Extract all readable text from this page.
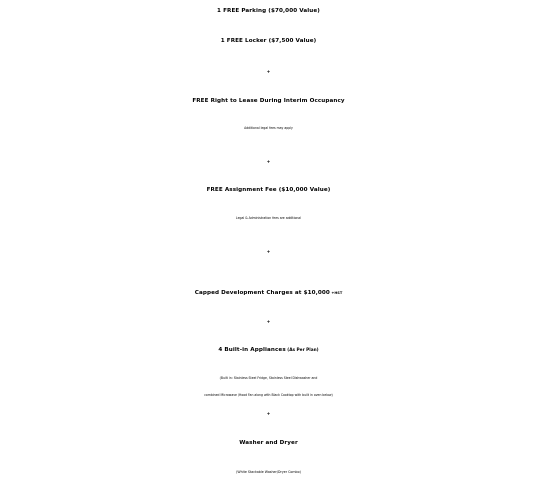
1 FREE Parking ($70,000 Value)
1 FREE Locker ($7,500 Value)
+
FREE Right to Lease During Interim Occupancy
Additional legal fees may apply
+
FREE Assignment Fee ($10,000 Value)
Legal & Administration fees are additional
+
Capped Development Charges at $10,000 +HST
+
4 Built-in Appliances (As Per Plan)
(Built in: Stainless Steel Fridge, Stainless Steel Dishwasher and
combined Microwave /Hood Fan along with Black Cooktop with built in oven below)
+
Washer and Dryer
(White Stackable Washer/Dryer Combo)
